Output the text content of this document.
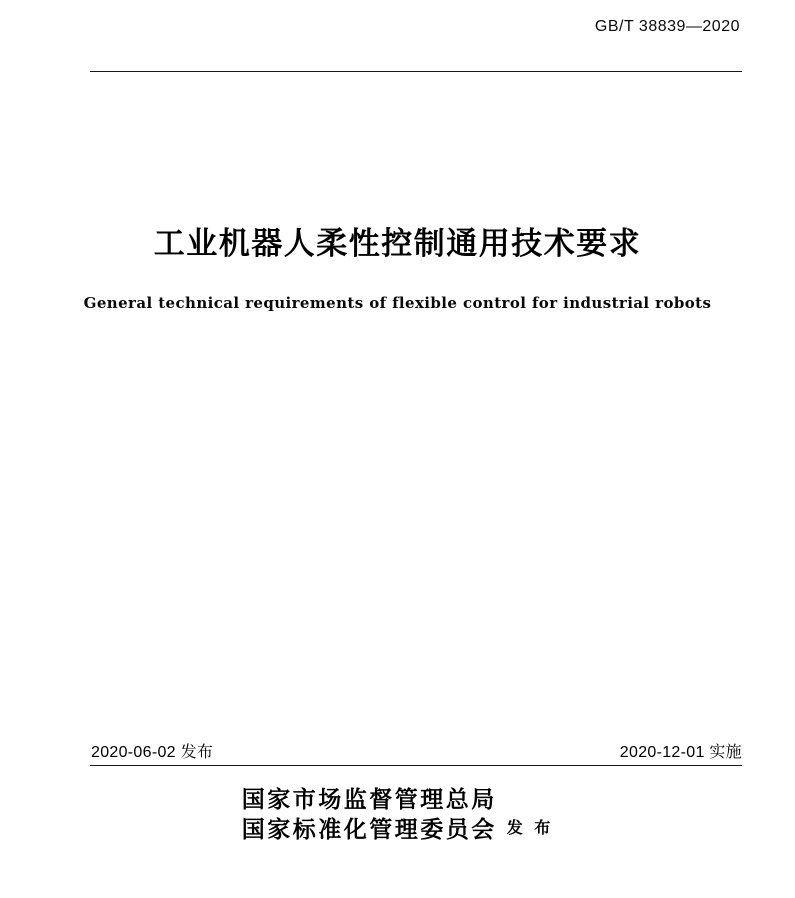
GB/T 38839—2020
工业机器人柔性控制通用技术要求
General technical requirements of flexible control for industrial robots
2020-06-02 发布	2020-12-01 实施
国家市场监督管理总局
国家标准化管理委员会 发 布
